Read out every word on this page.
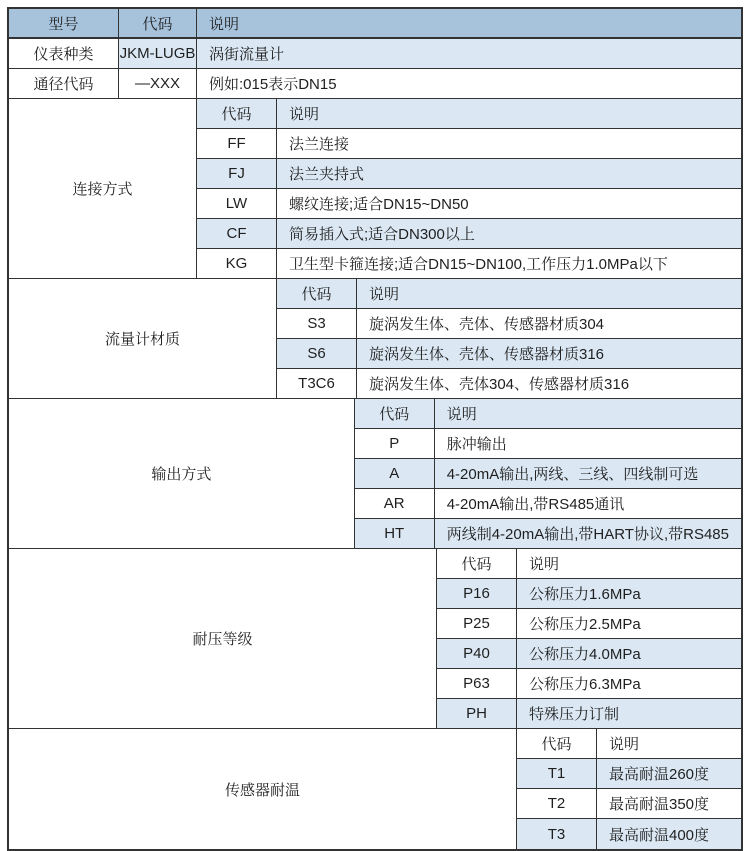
型号	代码	说明
仪表种类	JKM-LUGB 涡街流量计
通径代码	—XXX	例如:015表示DN15
连接方式
代码	说明
FF	法兰连接
FJ	法兰夹持式
LW	螺纹连接;适合DN15~DN50
CF	简易插入式;适合DN300以上
KG	卫生型卡箍连接;适合DN15~DN100,工作压力1.0MPa以下
流量计材质
代码	说明
S3	旋涡发生体、壳体、传感器材质304
S6	旋涡发生体、壳体、传感器材质316
T3C6	旋涡发生体、壳体304、传感器材质316
输出方式
代码	说明
P	脉冲输出
A	4-20mA输出,两线、三线、四线制可选
AR	4-20mA输出,带RS485通讯
HT	两线制4-20mA输出,带HART协议,带RS485
耐压等级
代码	说明
P16	公称压力1.6MPa
P25	公称压力2.5MPa
P40	公称压力4.0MPa
P63	公称压力6.3MPa
PH	特殊压力订制
传感器耐温
代码	说明
T1	最高耐温260度
T2	最高耐温350度
T3	最高耐温400度
